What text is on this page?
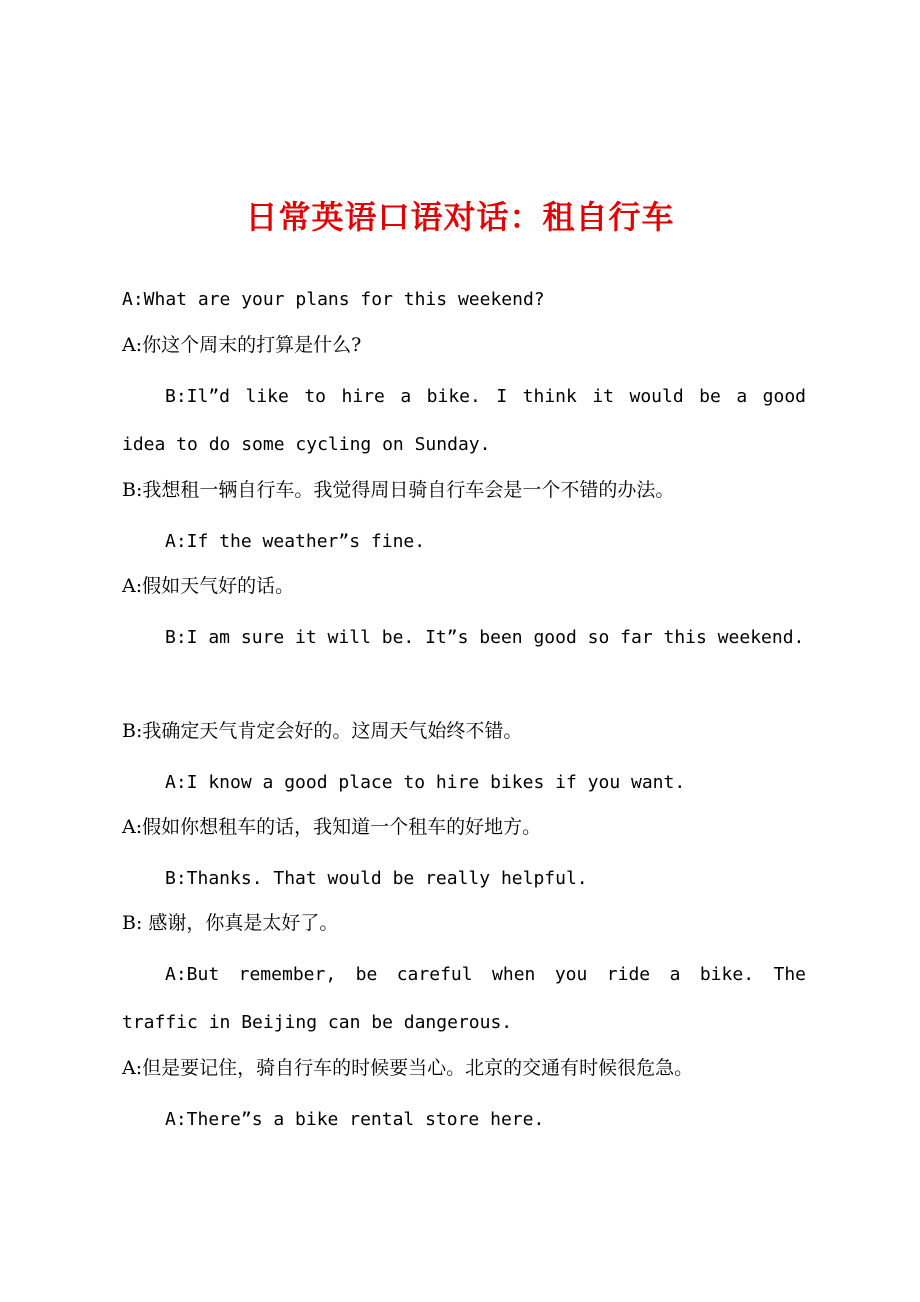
日常英语口语对话：租自行车
A:What are your plans for this weekend?
A:你这个周末的打算是什么?
B:Il”d like to hire a bike. I think it would be a good
idea to do some cycling on Sunday.
B:我想租一辆自行车。我觉得周日骑自行车会是一个不错的办法。
A:If the weather”s fine.
A:假如天气好的话。
B:I am sure it will be. It”s been good so far this weekend.
B:我确定天气肯定会好的。这周天气始终不错。
A:I know a good place to hire bikes if you want.
A:假如你想租车的话，我知道一个租车的好地方。
B:Thanks. That would be really helpful.
B: 感谢，你真是太好了。
A:But remember, be careful when you ride a bike. The
traffic in Beijing can be dangerous.
A:但是要记住，骑自行车的时候要当心。北京的交通有时候很危急。
A:There”s a bike rental store here.
